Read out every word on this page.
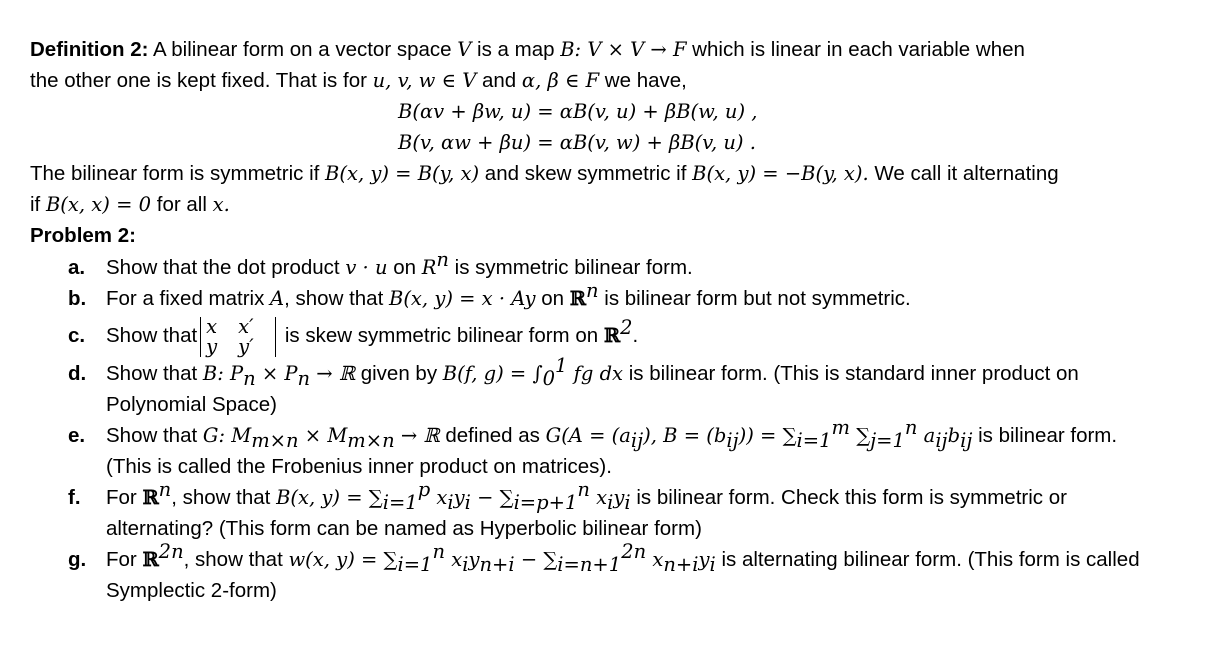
Definition 2: A bilinear form on a vector space V is a map B: V × V → F which is linear in each variable when
the other one is kept fixed. That is for u, v, w ∈ V and α, β ∈ F we have,
B(αv + βw, u) = αB(v, u) + βB(w, u) ,
B(v, αw + βu) = αB(v, w) + βB(v, u) .
The bilinear form is symmetric if B(x, y) = B(y, x) and skew symmetric if B(x, y) = −B(y, x). We call it alternating
if B(x, x) = 0 for all x.
Problem 2:
a. Show that the dot product v · u on $R^n$ is symmetric bilinear form.
b. For a fixed matrix A, show that B(x, y) = x · Ay on ℝ$^n$ is bilinear form but not symmetric.
c. Show that x x′
y y′ is skew symmetric bilinear form on ℝ$^2$.
d. Show that B: $P_n \times P_n$ → ℝ given by B(f, $g) = \int_0^1$ fg dx is bilinear form. (This is standard inner product on
Polynomial Space)
e. Show that G: $M_{m\times n} \times M_{m\times n}$ → ℝ defined as $G(A = (a_{ij})$, $B = (b_{ij})) = \sum_{i=1}^m$ $\sum_{j=1}^n$ $a_{ij}b_{ij}$ is bilinear form.
(This is called the Frobenius inner product on matrices).
f. For ℝ$^n$, show that B(x, $y) = \sum_{i=1}^p$ $x_iy_i - \sum_{i=p+1}^n$ $x_iy_i$ is bilinear form. Check this form is symmetric or
alternating? (This form can be named as Hyperbolic bilinear form)
g. For ℝ$^{2n}$, show that w(x, $y) = \sum_{i=1}^n$ $x_iy_{n+i} - \sum_{i=n+1}^{2n}$ $x_{n+i}y_i$ is alternating bilinear form. (This form is called
Symplectic 2-form)
